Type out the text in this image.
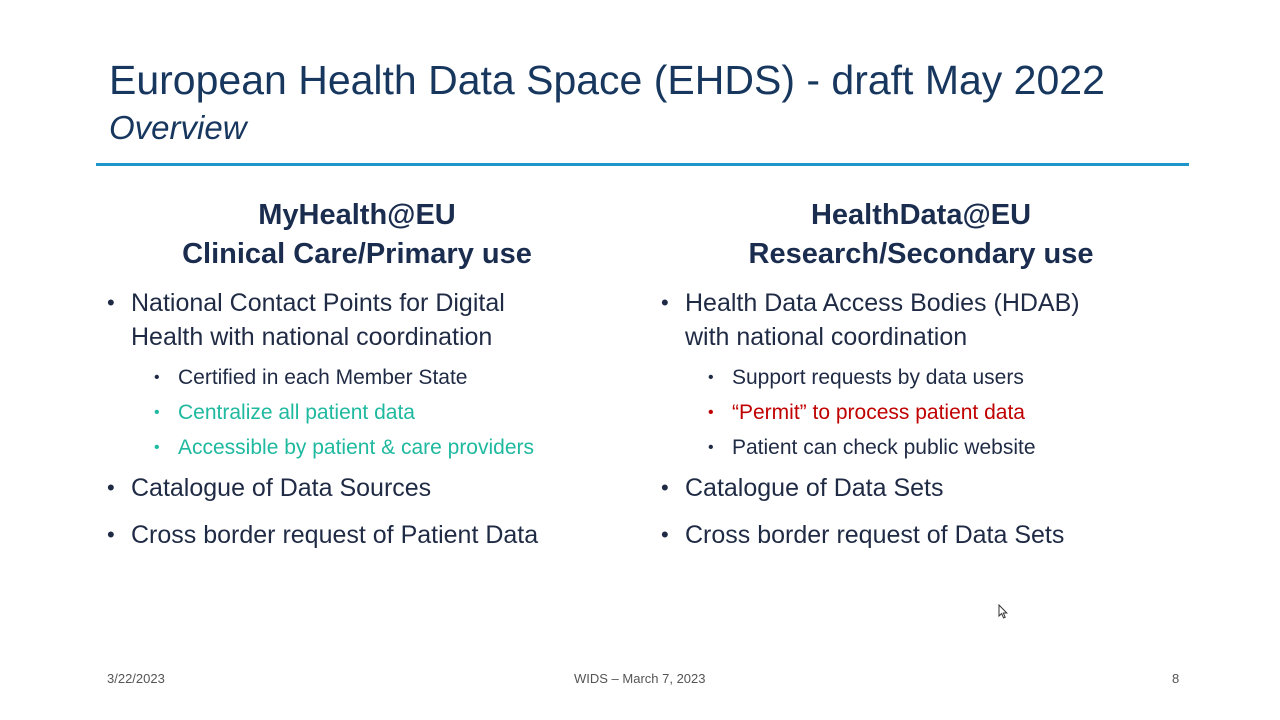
European Health Data Space (EHDS) - draft May 2022
Overview
MyHealth@EU
Clinical Care/Primary use
• National Contact Points for Digital
Health with national coordination
• Certified in each Member State
• Centralize all patient data
• Accessible by patient & care providers
• Catalogue of Data Sources
• Cross border request of Patient Data
HealthData@EU
Research/Secondary use
• Health Data Access Bodies (HDAB)
with national coordination
• Support requests by data users
• “Permit” to process patient data
• Patient can check public website
• Catalogue of Data Sets
• Cross border request of Data Sets
3/22/2023	WIDS – March 7, 2023	8
